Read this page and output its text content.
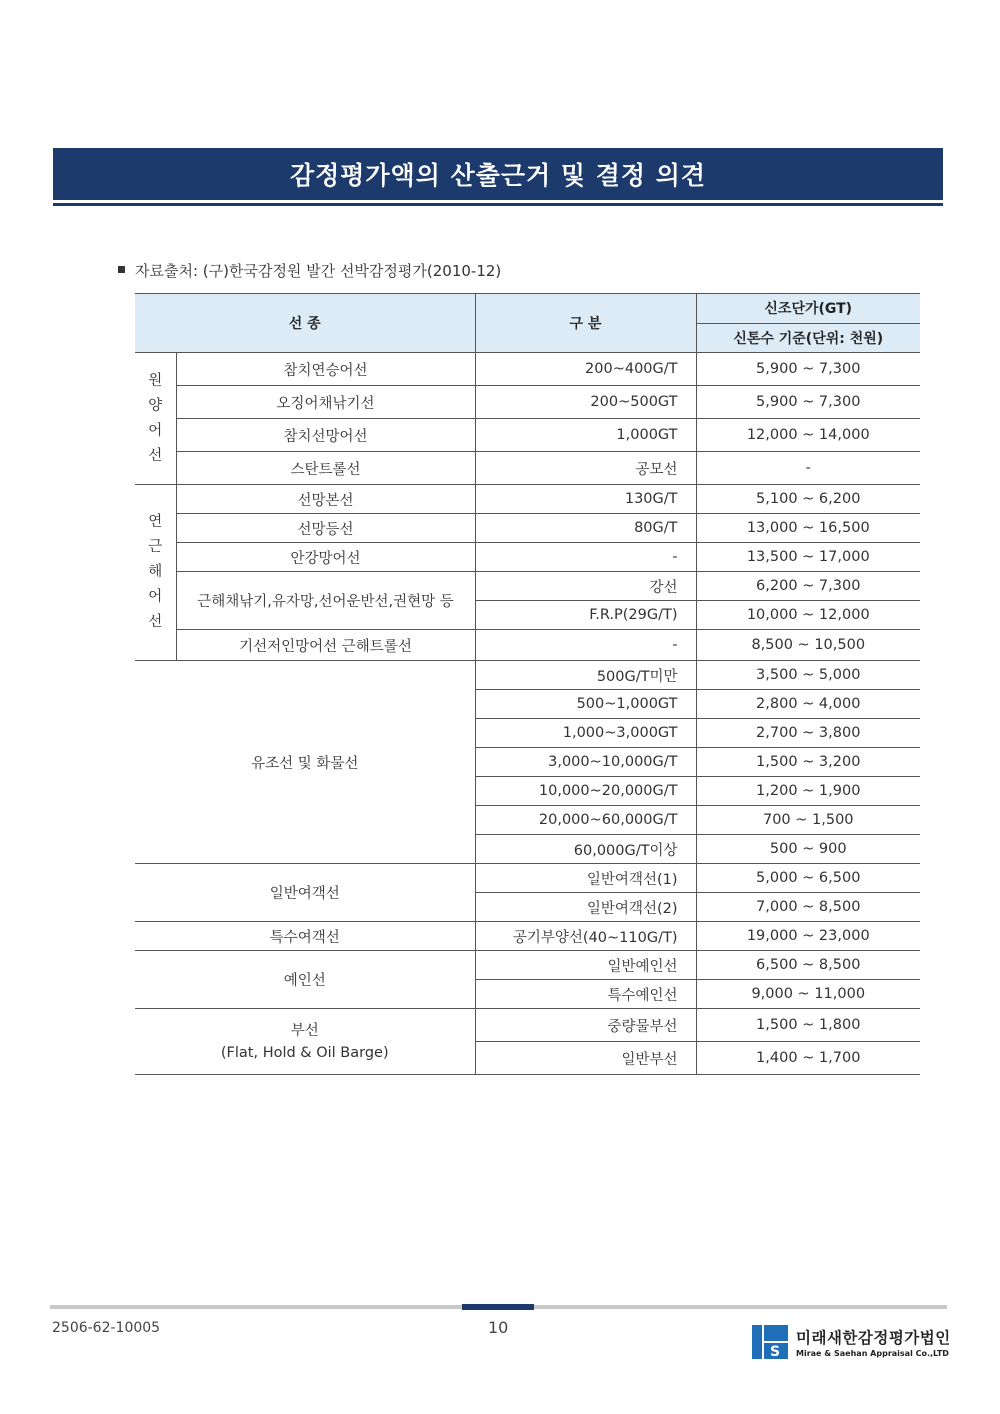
감정평가액의 산출근거 및 결정 의견
자료출처: (구)한국감정원 발간 선박감정평가(2010-12)
선 종		구 분	신조단가(GT)
			신톤수 기준(단위: 천원)

원
양
어
선	참치연승어선	200~400G/T	5,900 ~ 7,300
	오징어채낚기선	200~500GT	5,900 ~ 7,300
	참치선망어선	1,000GT	12,000 ~ 14,000
	스탄트롤선	공모선	-

연
근
해
어
선	선망본선	130G/T	5,100 ~ 6,200
	선망등선	80G/T	13,000 ~ 16,500
	안강망어선	-	13,500 ~ 17,000
	근해채낚기,유자망,선어운반선,권현망 등	강선	6,200 ~ 7,300
		F.R.P(29G/T)	10,000 ~ 12,000
	기선저인망어선 근해트롤선	-	8,500 ~ 10,500
유조선 및 화물선		500G/T미만	3,500 ~ 5,000
		500~1,000GT	2,800 ~ 4,000
		1,000~3,000GT	2,700 ~ 3,800
		3,000~10,000G/T	1,500 ~ 3,200
		10,000~20,000G/T	1,200 ~ 1,900
		20,000~60,000G/T	700 ~ 1,500
		60,000G/T이상	500 ~ 900
일반여객선		일반여객선(1)	5,000 ~ 6,500
		일반여객선(2)	7,000 ~ 8,500
특수여객선		공기부양선(40~110G/T)	19,000 ~ 23,000
예인선		일반예인선	6,500 ~ 8,500
		특수예인선	9,000 ~ 11,000

부선
(Flat, Hold & Oil Barge)		중량물부선	1,500 ~ 1,800
		일반부선	1,400 ~ 1,700
2506-62-10005	10
S
미래새한감정평가법인
Mirae & Saehan Appraisal Co.,LTD
